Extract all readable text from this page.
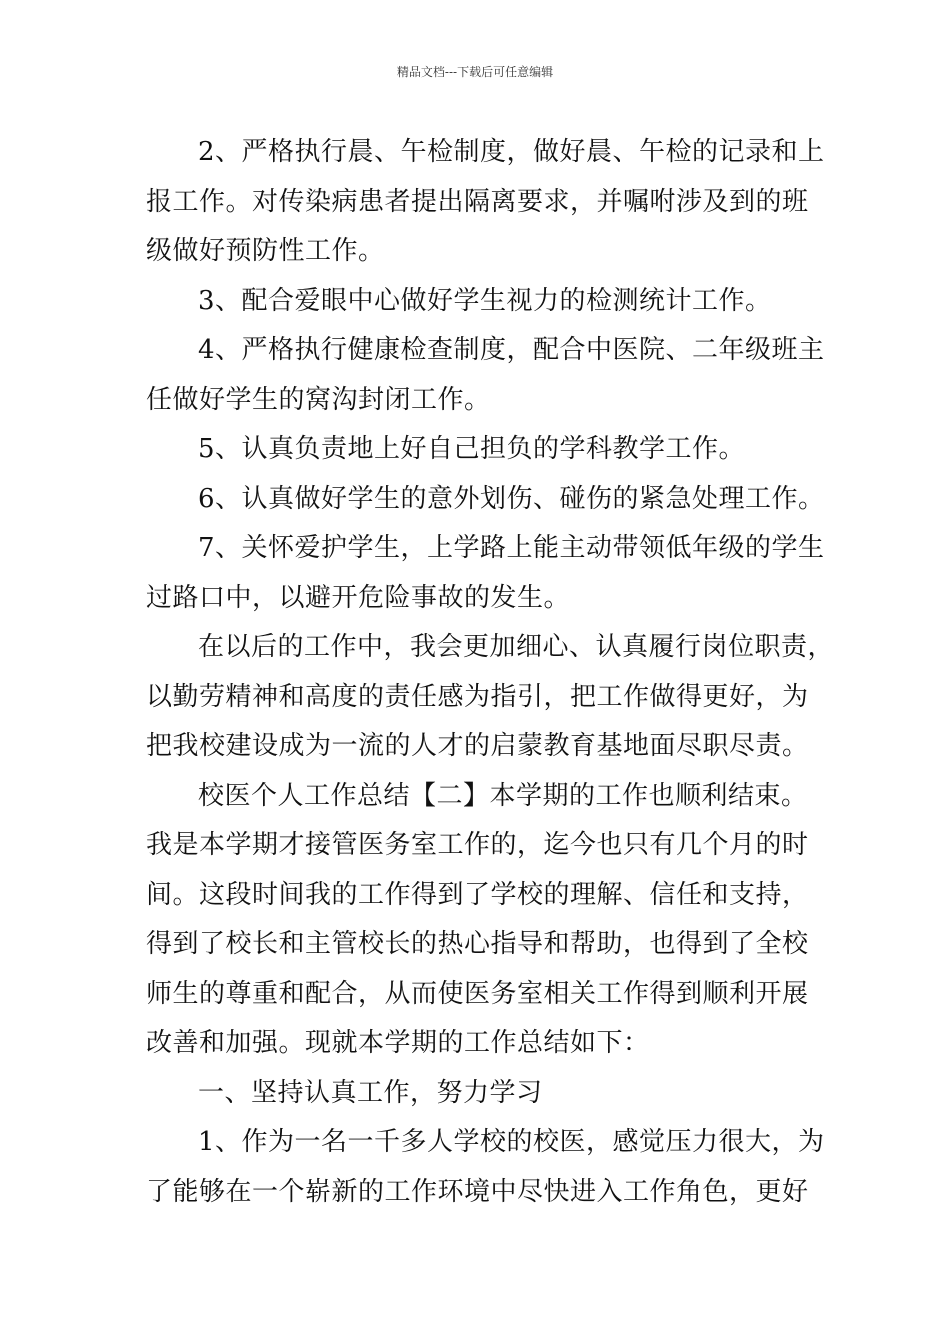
精品文档---下载后可任意编辑

2、严格执行晨、午检制度，做好晨、午检的记录和上
报工作。对传染病患者提出隔离要求，并嘱咐涉及到的班
级做好预防性工作。

3、配合爱眼中心做好学生视力的检测统计工作。

4、严格执行健康检查制度，配合中医院、二年级班主
任做好学生的窝沟封闭工作。

5、认真负责地上好自己担负的学科教学工作。

6、认真做好学生的意外划伤、碰伤的紧急处理工作。

7、关怀爱护学生，上学路上能主动带领低年级的学生
过路口中，以避开危险事故的发生。

在以后的工作中，我会更加细心、认真履行岗位职责，
以勤劳精神和高度的责任感为指引，把工作做得更好，为
把我校建设成为一流的人才的启蒙教育基地面尽职尽责。

校医个人工作总结【二】本学期的工作也顺利结束。
我是本学期才接管医务室工作的，迄今也只有几个月的时
间。这段时间我的工作得到了学校的理解、信任和支持，
得到了校长和主管校长的热心指导和帮助，也得到了全校
师生的尊重和配合，从而使医务室相关工作得到顺利开展
改善和加强。现就本学期的工作总结如下：

一、坚持认真工作，努力学习

1、作为一名一千多人学校的校医，感觉压力很大，为
了能够在一个崭新的工作环境中尽快进入工作角色，更好
